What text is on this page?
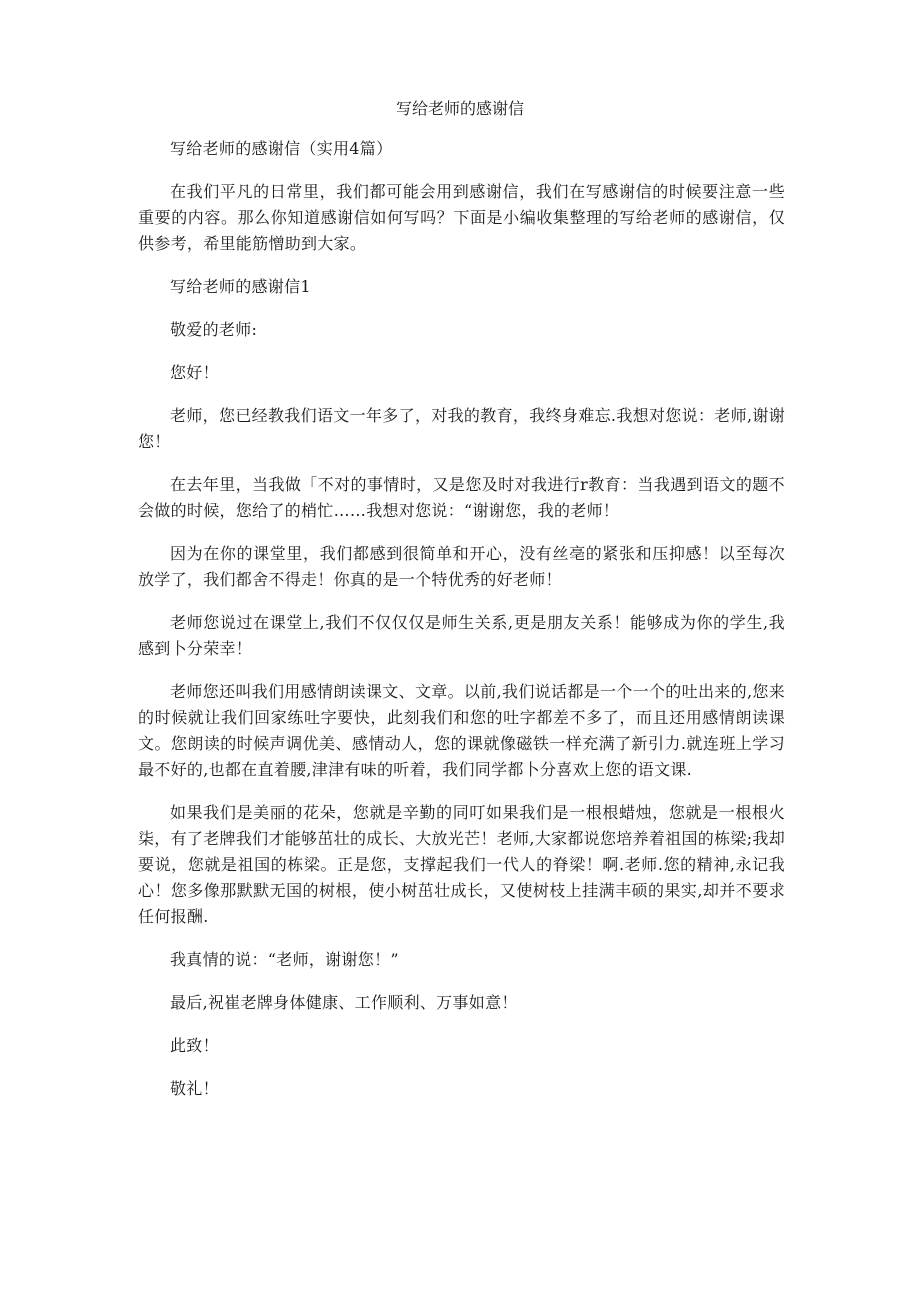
写给老师的感谢信

写给老师的感谢信（实用4篇）

在我们平凡的日常里，我们都可能会用到感谢信，我们在写感谢信的时候要注意一些重要的内容。那么你知道感谢信如何写吗？下面是小编收集整理的写给老师的感谢信，仅供参考，希里能筋憎助到大家。

写给老师的感谢信1

敬爱的老师:

您好！

老师，您已经教我们语文一年多了，对我的教育，我终身难忘.我想对您说：老师,谢谢您！

在去年里，当我做「不对的事情时，又是您及时对我进行r教育：当我遇到语文的题不会做的时候，您给了的梢忙……我想对您说：“谢谢您，我的老师！

因为在你的课堂里，我们都感到很简单和开心，没有丝亳的紧张和压抑感！以至每次放学了，我们都舍不得走！你真的是一个特优秀的好老师！

老师您说过在课堂上,我们不仅仅仅是师生关系,更是朋友关系！能够成为你的学生,我感到卜分荣幸！

老师您还叫我们用感情朗读课文、文章。以前,我们说话都是一个一个的吐出来的,您来的时候就让我们回家练吐字要快，此刻我们和您的吐字都差不多了，而且还用感情朗读课文。您朗读的时候声调优美、感情动人，您的课就像磁铁一样充满了新引力.就连班上学习最不好的,也都在直着腰,津津有味的听着，我们同学都卜分喜欢上您的语文课.

如果我们是美丽的花朵，您就是辛勤的同叮如果我们是一根根蜡烛，您就是一根根火柒，有了老牌我们才能够茁壮的成长、大放光芒！老师,大家都说您培养着祖国的栋梁;我却要说，您就是祖国的栋梁。正是您，支撑起我们一代人的脊梁！啊.老师.您的精神,永记我心！您多像那默默无国的树根，使小树茁壮成长，又使树枝上挂满丰硕的果实,却并不要求任何报酬.

我真情的说：“老师，谢谢您！”

最后,祝崔老牌身体健康、工作顺利、万事如意！

此致！

敬礼！
